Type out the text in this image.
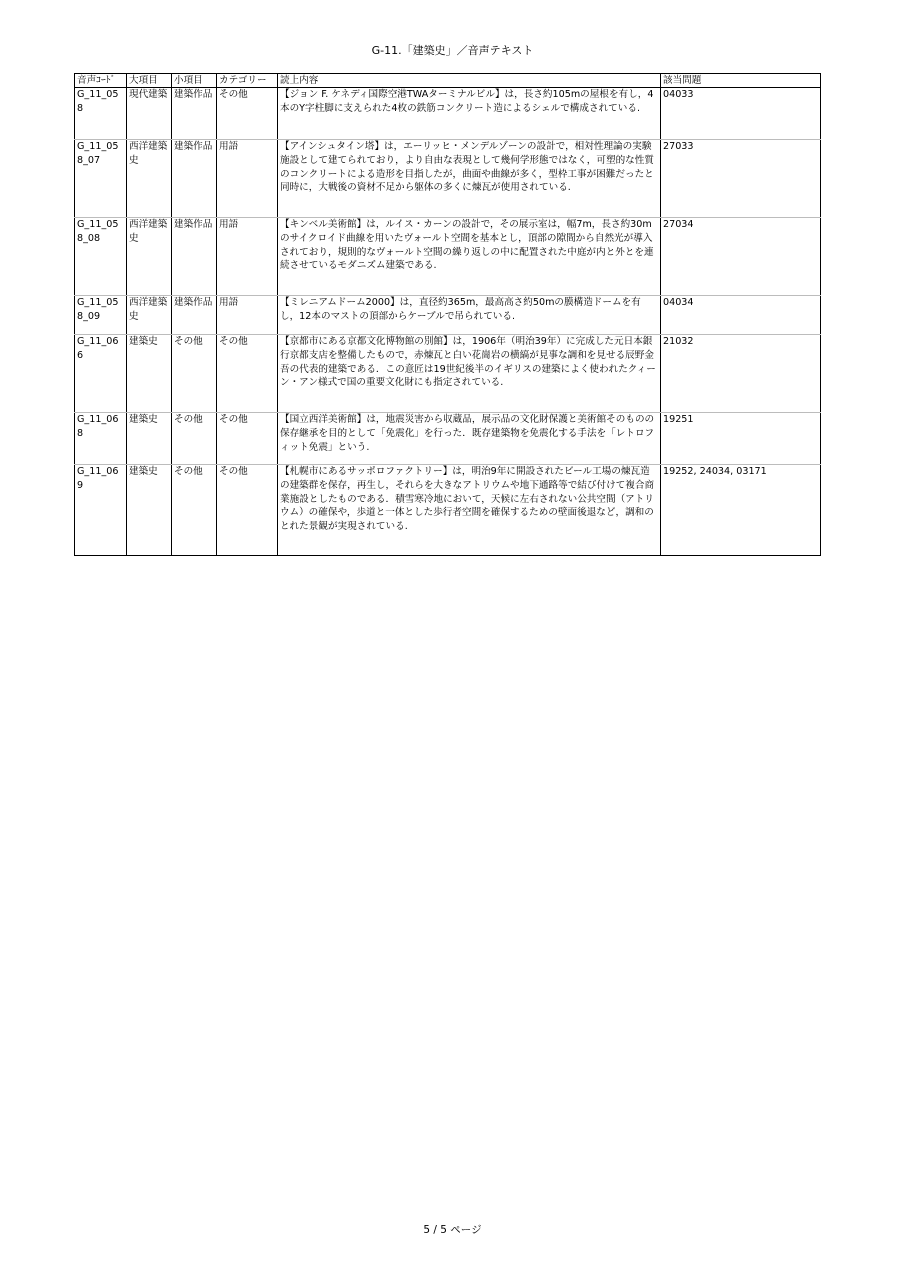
G-11.「建築史」／音声テキスト
音声ｺｰﾄﾞ	大項目	小項目	カテゴリー	読上内容	該当問題
G_11_058	現代建築	建築作品	その他	【ジョン F. ケネディ国際空港TWAターミナルビル】は，長さ約105mの屋根を有し，4本のY字柱脚に支えられた4枚の鉄筋コンクリート造によるシェルで構成されている.	04033
G_11_058_07	西洋建築史	建築作品	用語	【アインシュタイン塔】は，エーリッヒ・メンデルゾーンの設計で，相対性理論の実験施設として建てられており，より自由な表現として幾何学形態ではなく，可塑的な性質のコンクリートによる造形を目指したが，曲面や曲線が多く，型枠工事が困難だったと同時に，大戦後の資材不足から躯体の多くに煉瓦が使用されている.	27033
G_11_058_08	西洋建築史	建築作品	用語	【キンベル美術館】は，ルイス・カーンの設計で，その展示室は，幅7m，長さ約30mのサイクロイド曲線を用いたヴォールト空間を基本とし，頂部の隙間から自然光が導入されており，規則的なヴォールト空間の繰り返しの中に配置された中庭が内と外とを連続させているモダニズム建築である.	27034
G_11_058_09	西洋建築史	建築作品	用語	【ミレニアムドーム2000】は，直径約365m，最高高さ約50mの膜構造ドームを有し，12本のマストの頂部からケーブルで吊られている.	04034
G_11_066	建築史	その他	その他	【京都市にある京都文化博物館の別館】は，1906年（明治39年）に完成した元日本銀行京都支店を整備したもので，赤煉瓦と白い花崗岩の横縞が見事な調和を見せる辰野金吾の代表的建築である．この意匠は19世紀後半のイギリスの建築によく使われたクィーン・アン様式で国の重要文化財にも指定されている.	21032
G_11_068	建築史	その他	その他	【国立西洋美術館】は，地震災害から収蔵品，展示品の文化財保護と美術館そのものの保存継承を目的として「免震化」を行った．既存建築物を免震化する手法を「レトロフィット免震」という.	19251
G_11_069	建築史	その他	その他	【札幌市にあるサッポロファクトリー】は，明治9年に開設されたビール工場の煉瓦造の建築群を保存，再生し，それらを大きなアトリウムや地下通路等で結び付けて複合商業施設としたものである．積雪寒冷地において，天候に左右されない公共空間（アトリウム）の確保や，歩道と一体とした歩行者空間を確保するための壁面後退など，調和のとれた景観が実現されている.	19252, 24034, 03171
5 / 5 ページ
